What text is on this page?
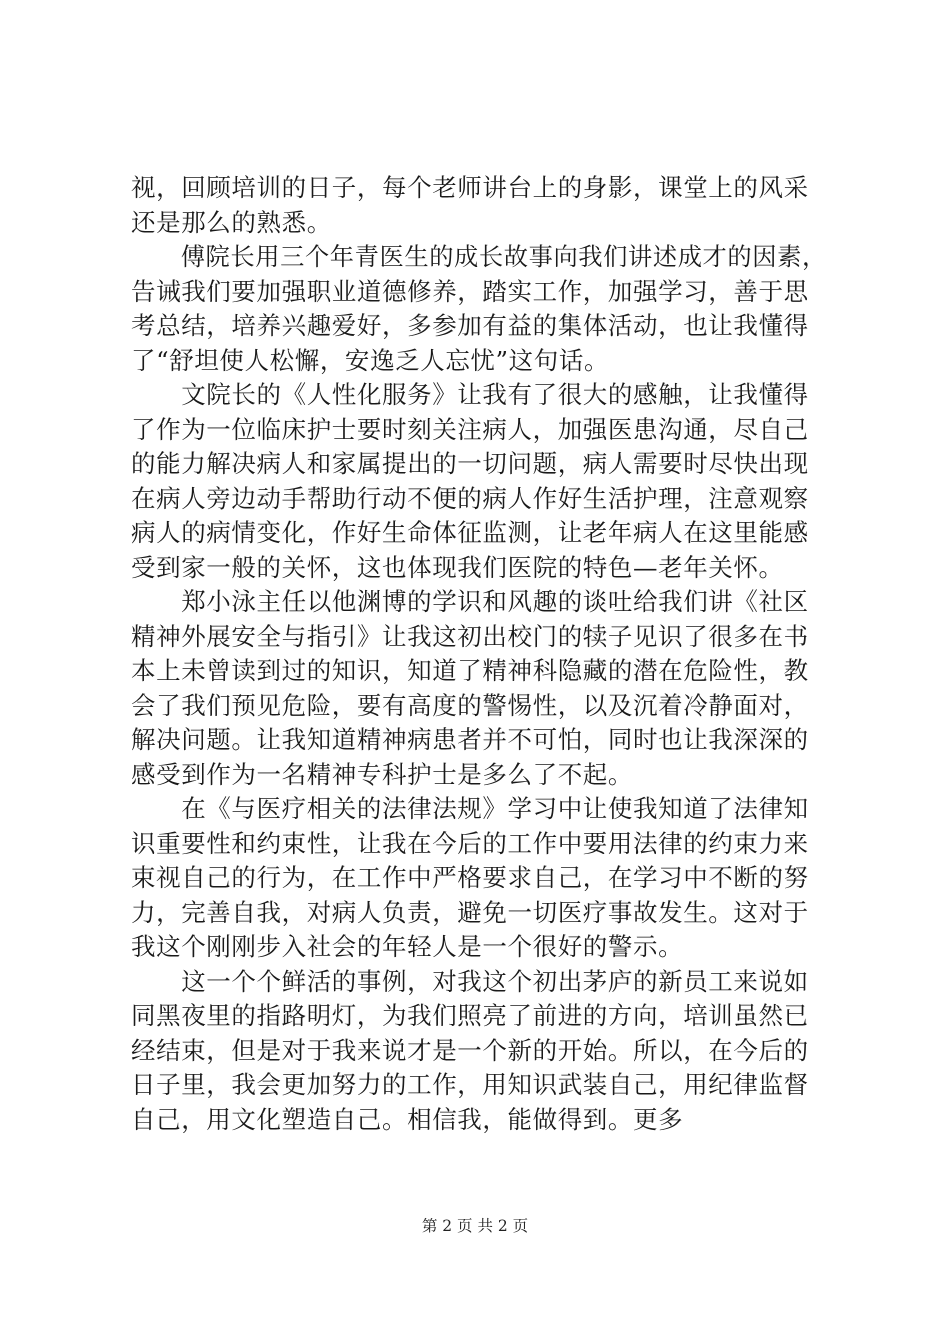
视，回顾培训的日子，每个老师讲台上的身影，课堂上的风采
还是那么的熟悉。
　　傅院长用三个年青医生的成长故事向我们讲述成才的因素，
告诫我们要加强职业道德修养，踏实工作，加强学习，善于思
考总结，培养兴趣爱好，多参加有益的集体活动，也让我懂得
了“舒坦使人松懈，安逸乏人忘忧”这句话。
　　文院长的《人性化服务》让我有了很大的感触，让我懂得
了作为一位临床护士要时刻关注病人，加强医患沟通，尽自己
的能力解决病人和家属提出的一切问题，病人需要时尽快出现
在病人旁边动手帮助行动不便的病人作好生活护理，注意观察
病人的病情变化，作好生命体征监测，让老年病人在这里能感
受到家一般的关怀，这也体现我们医院的特色—老年关怀。
　　郑小泳主任以他渊博的学识和风趣的谈吐给我们讲《社区
精神外展安全与指引》让我这初出校门的犊子见识了很多在书
本上未曾读到过的知识，知道了精神科隐藏的潜在危险性，教
会了我们预见危险，要有高度的警惕性，以及沉着冷静面对，
解决问题。让我知道精神病患者并不可怕，同时也让我深深的
感受到作为一名精神专科护士是多么了不起。
　　在《与医疗相关的法律法规》学习中让使我知道了法律知
识重要性和约束性，让我在今后的工作中要用法律的约束力来
束视自己的行为，在工作中严格要求自己，在学习中不断的努
力，完善自我，对病人负责，避免一切医疗事故发生。这对于
我这个刚刚步入社会的年轻人是一个很好的警示。
　　这一个个鲜活的事例，对我这个初出茅庐的新员工来说如
同黑夜里的指路明灯，为我们照亮了前进的方向，培训虽然已
经结束，但是对于我来说才是一个新的开始。所以，在今后的
日子里，我会更加努力的工作，用知识武装自己，用纪律监督
自己，用文化塑造自己。相信我，能做得到。更多
第 2 页 共 2 页
